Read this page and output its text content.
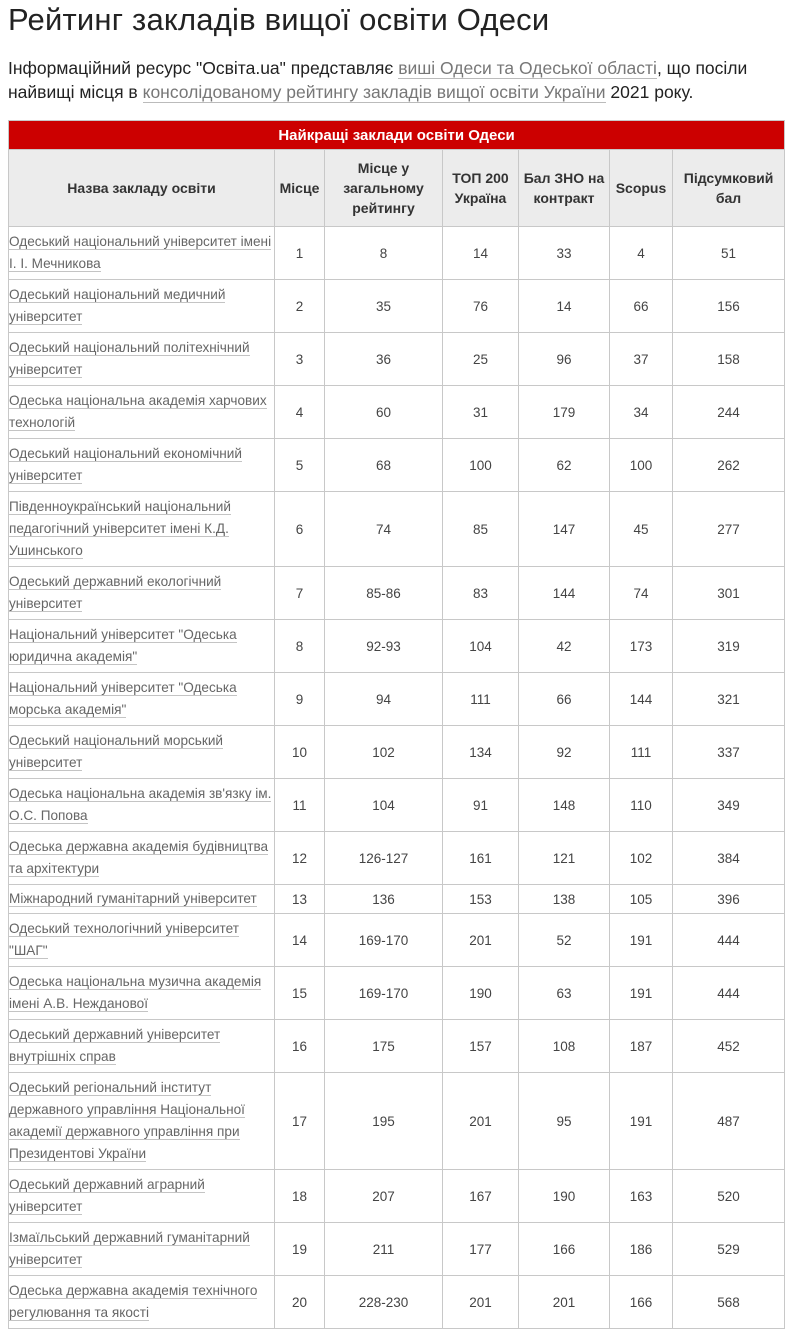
Рейтинг закладів вищої освіти Одеси

Інформаційний ресурс "Освіта.ua" представляє виші Одеси та Одеської області, що посіли найвищі місця в консолідованому рейтингу закладів вищої освіти України 2021 року.

Найкращі заклади освіти Одеси						
Назва закладу освіти	Місце	Місце у загальному рейтингу	ТОП 200 Україна	Бал ЗНО на контракт	Scopus	Підсумковий бал
Одеський національний університет імені І. І. Мечникова	1	8	14	33	4	51
Одеський національний медичний університет	2	35	76	14	66	156
Одеський національний політехнічний університет	3	36	25	96	37	158
Одеська національна академія харчових технологій	4	60	31	179	34	244
Одеський національний економічний університет	5	68	100	62	100	262
Південноукраїнський національний педагогічний університет імені К.Д. Ушинського	6	74	85	147	45	277
Одеський державний екологічний університет	7	85-86	83	144	74	301
Національний університет "Одеська юридична академія"	8	92-93	104	42	173	319
Національний університет "Одеська морська академія"	9	94	111	66	144	321
Одеський національний морський університет	10	102	134	92	111	337
Одеська національна академія зв'язку ім. О.С. Попова	11	104	91	148	110	349
Одеська державна академія будівництва та архітектури	12	126-127	161	121	102	384
Міжнародний гуманітарний університет	13	136	153	138	105	396
Одеський технологічний університет "ШАГ"	14	169-170	201	52	191	444
Одеська національна музична академія імені А.В. Нежданової	15	169-170	190	63	191	444
Одеський державний університет внутрішніх справ	16	175	157	108	187	452
Одеський регіональний інститут державного управління Національної академії державного управління при Президентові України	17	195	201	95	191	487
Одеський державний аграрний університет	18	207	167	190	163	520
Ізмаїльський державний гуманітарний університет	19	211	177	166	186	529
Одеська державна академія технічного регулювання та якості	20	228-230	201	201	166	568
